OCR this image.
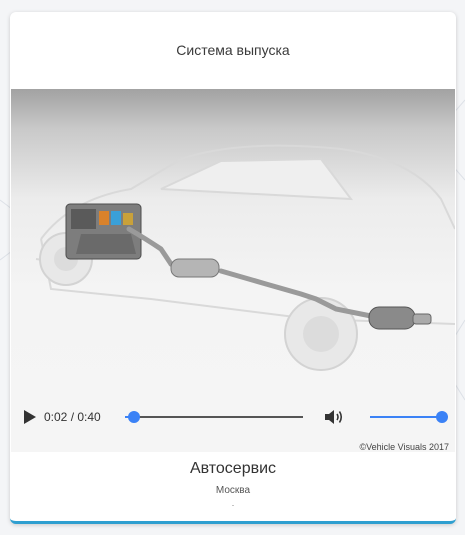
Система выпуска
0:02 / 0:40
©Vehicle Visuals 2017
Автосервис
Москва
.
